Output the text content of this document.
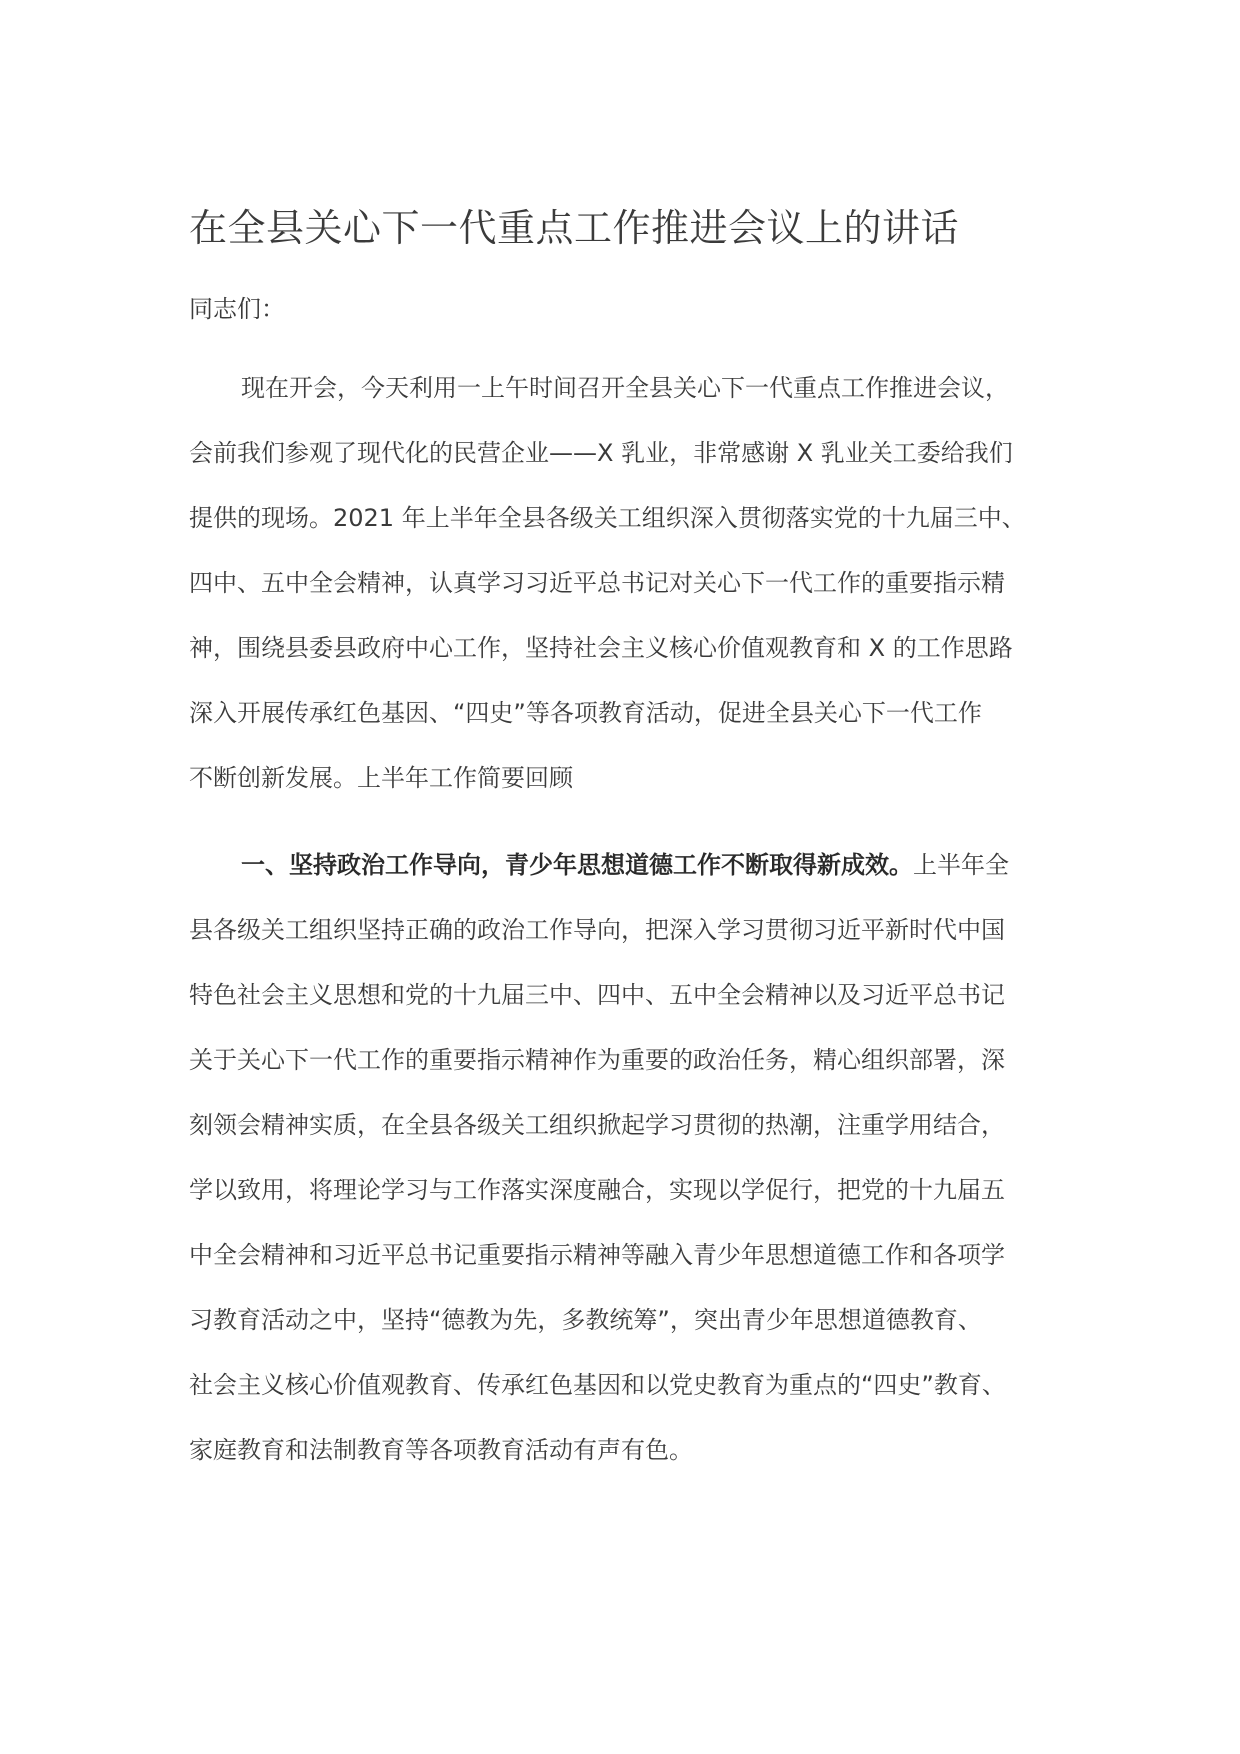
在全县关心下一代重点工作推进会议上的讲话
同志们：
现在开会，今天利用一上午时间召开全县关心下一代重点工作推进会议，
会前我们参观了现代化的民营企业——X 乳业，非常感谢 X 乳业关工委给我们
提供的现场。2021 年上半年全县各级关工组织深入贯彻落实党的十九届三中、
四中、五中全会精神，认真学习习近平总书记对关心下一代工作的重要指示精
神，围绕县委县政府中心工作，坚持社会主义核心价值观教育和 X 的工作思路
深入开展传承红色基因、“四史”等各项教育活动，促进全县关心下一代工作
不断创新发展。上半年工作简要回顾
一、坚持政治工作导向，青少年思想道德工作不断取得新成效。上半年全
县各级关工组织坚持正确的政治工作导向，把深入学习贯彻习近平新时代中国
特色社会主义思想和党的十九届三中、四中、五中全会精神以及习近平总书记
关于关心下一代工作的重要指示精神作为重要的政治任务，精心组织部署，深
刻领会精神实质，在全县各级关工组织掀起学习贯彻的热潮，注重学用结合，
学以致用，将理论学习与工作落实深度融合，实现以学促行，把党的十九届五
中全会精神和习近平总书记重要指示精神等融入青少年思想道德工作和各项学
习教育活动之中，坚持“德教为先，多教统筹”，突出青少年思想道德教育、
社会主义核心价值观教育、传承红色基因和以党史教育为重点的“四史”教育、
家庭教育和法制教育等各项教育活动有声有色。
